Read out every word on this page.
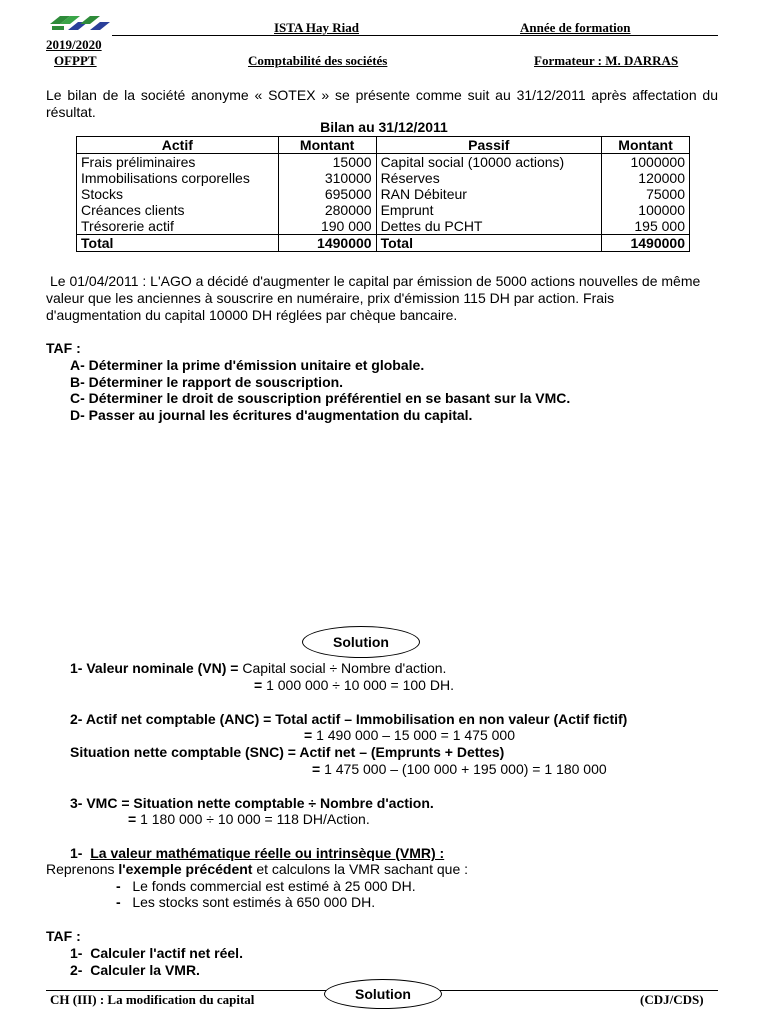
ISTA Hay Riad	Année de formation
2019/2020
OFPPT	Comptabilité des sociétés	Formateur : M. DARRAS
Le bilan de la société anonyme « SOTEX » se présente comme suit au 31/12/2011 après affectation du résultat.
Bilan au 31/12/2011
Actif	Montant	Passif	Montant
Frais préliminaires	15000	Capital social (10000 actions)	1000000
Immobilisations corporelles	310000	Réserves	120000
Stocks	695000	RAN Débiteur	75000
Créances clients	280000	Emprunt	100000
Trésorerie actif	190 000	Dettes du PCHT	195 000
Total	1490000	Total	1490000
Le 01/04/2011 : L'AGO a décidé d'augmenter le capital par émission de 5000 actions nouvelles de même valeur que les anciennes à souscrire en numéraire, prix d'émission 115 DH par action. Frais d'augmentation du capital 10000 DH réglées par chèque bancaire.
TAF :
A- Déterminer la prime d'émission unitaire et globale.
B- Déterminer le rapport de souscription.
C- Déterminer le droit de souscription préférentiel en se basant sur la VMC.
D- Passer au journal les écritures d'augmentation du capital.
Solution
1- Valeur nominale (VN) = Capital social ÷ Nombre d'action.
= 1 000 000 ÷ 10 000 = 100 DH.
2- Actif net comptable (ANC) = Total actif – Immobilisation en non valeur (Actif fictif)
= 1 490 000 – 15 000 = 1 475 000
Situation nette comptable (SNC) = Actif net – (Emprunts + Dettes)
= 1 475 000 – (100 000 + 195 000) = 1 180 000
3- VMC = Situation nette comptable ÷ Nombre d'action.
= 1 180 000 ÷ 10 000 = 118 DH/Action.
1- La valeur mathématique réelle ou intrinsèque (VMR) :
Reprenons l'exemple précédent et calculons la VMR sachant que :
- Le fonds commercial est estimé à 25 000 DH.
- Les stocks sont estimés à 650 000 DH.
TAF :
1- Calculer l'actif net réel.
2- Calculer la VMR.
CH (III) : La modification du capital	Solution	(CDJ/CDS)
